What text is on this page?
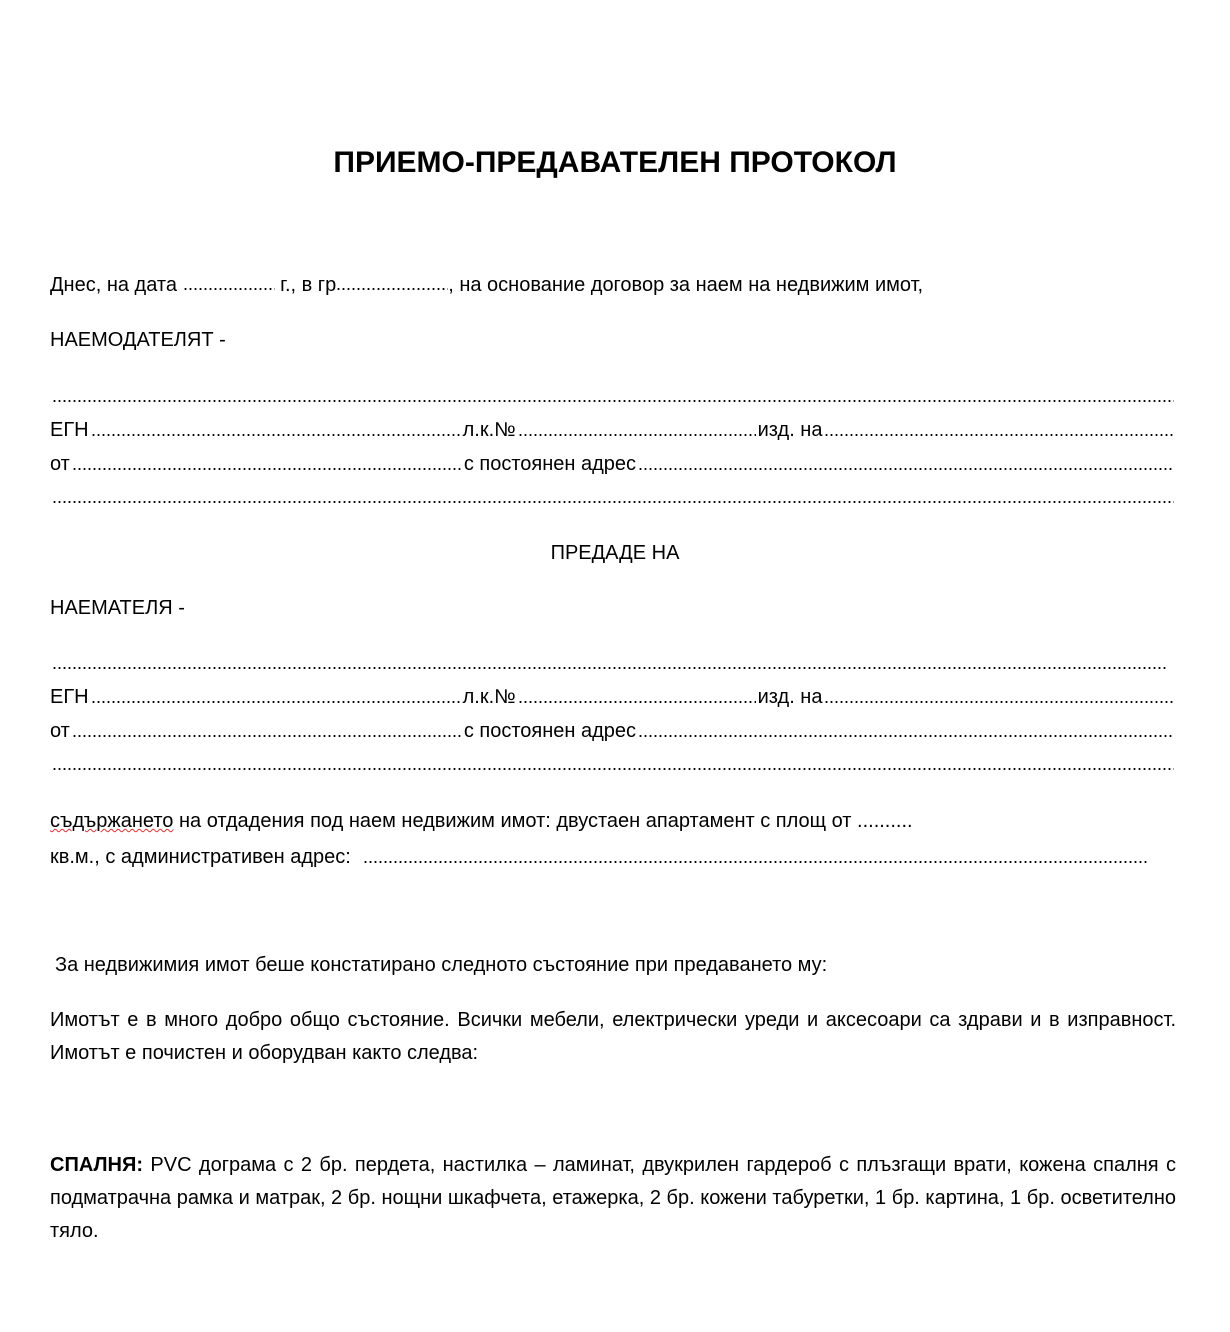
ПРИЕМО-ПРЕДАВАТЕЛЕН ПРОТОКОЛ
Днес, на дата	г., в гр	, на основание договор за наем на недвижим имот,
НАЕМОДАТЕЛЯТ -
ЕГН	л.к.№	изд. на
от	с постоянен адрес
ПРЕДАДЕ НА
НАЕМАТЕЛЯ -
ЕГН	л.к.№	изд. на
от	с постоянен адрес
съдържането на отдадения под наем недвижим имот: двустаен апартамент с площ от ..........
кв.м., с административен адрес:
За недвижимия имот беше констатирано следното състояние при предаването му:
Имотът е в много добро общо състояние. Всички мебели, електрически уреди и аксесоари са здрави и в изправност. Имотът е почистен и оборудван както следва:
СПАЛНЯ: PVC дограма с 2 бр. пердета, настилка – ламинат, двукрилен гардероб с плъзгащи врати, кожена спалня с подматрачна рамка и матрак, 2 бр. нощни шкафчета, етажерка, 2 бр. кожени табуретки, 1 бр. картина, 1 бр. осветително тяло.
